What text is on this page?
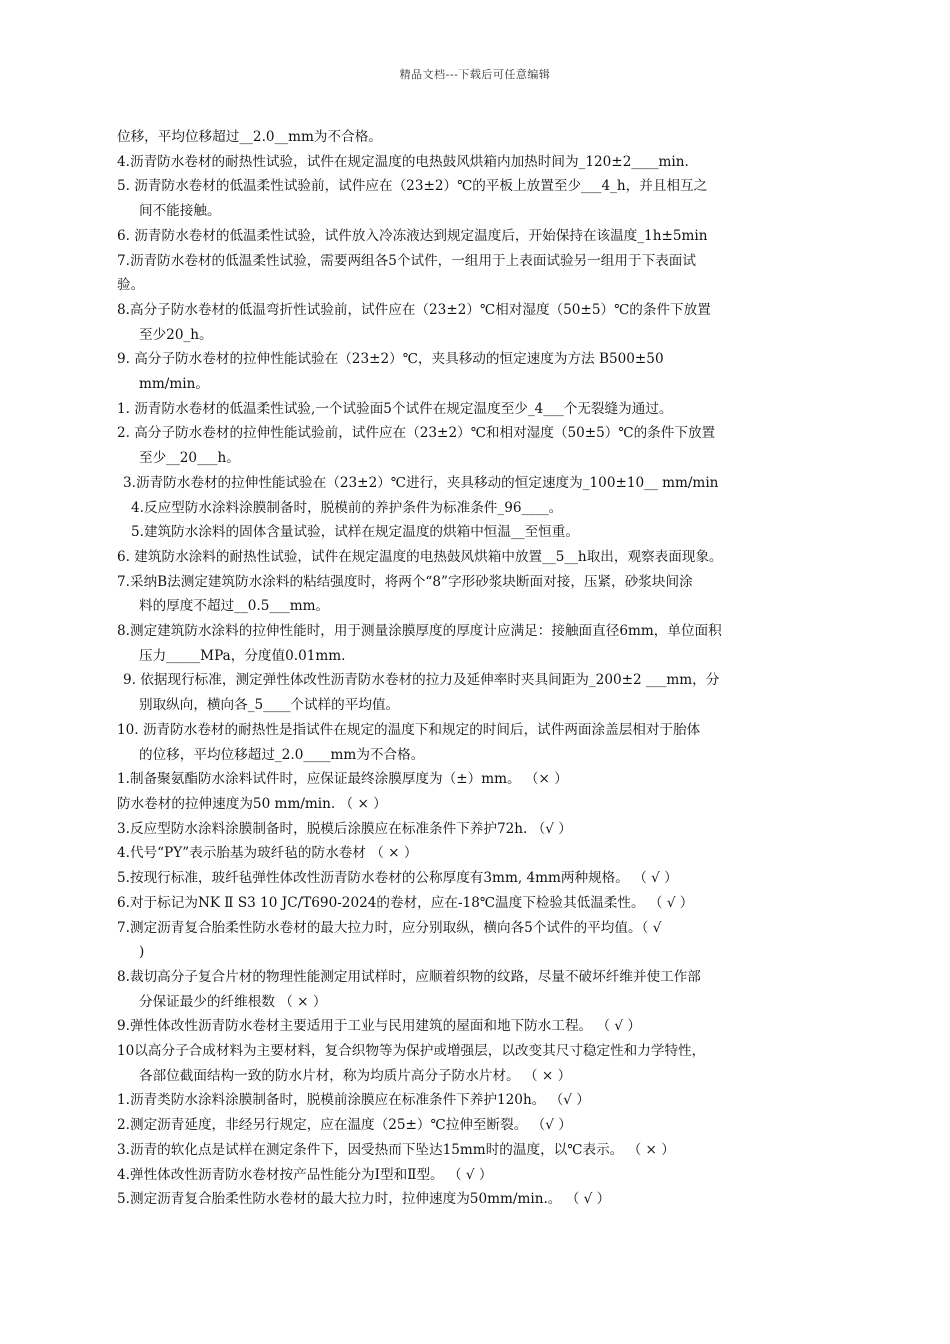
精品文档---下载后可任意编辑
位移，平均位移超过__2.0__mm为不合格。
4.沥青防水卷材的耐热性试验，试件在规定温度的电热鼓风烘箱内加热时间为_120±2____min.
5. 沥青防水卷材的低温柔性试验前，试件应在（23±2）℃的平板上放置至少___4_h，并且相互之
间不能接触。
6. 沥青防水卷材的低温柔性试验，试件放入冷冻液达到规定温度后，开始保持在该温度_1h±5min
7.沥青防水卷材的低温柔性试验，需要两组各5个试件，一组用于上表面试验另一组用于下表面试
验。
8.高分子防水卷材的低温弯折性试验前，试件应在（23±2）℃相对湿度（50±5）℃的条件下放置
至少20_h。
9. 高分子防水卷材的拉伸性能试验在（23±2）℃，夹具移动的恒定速度为方法 B500±50
mm/min。
1. 沥青防水卷材的低温柔性试验,一个试验面5个试件在规定温度至少_4___个无裂缝为通过。
2. 高分子防水卷材的拉伸性能试验前，试件应在（23±2）℃和相对湿度（50±5）℃的条件下放置
至少__20___h。
3.沥青防水卷材的拉伸性能试验在（23±2）℃进行，夹具移动的恒定速度为_100±10__ mm/min
4.反应型防水涂料涂膜制备时，脱模前的养护条件为标准条件_96____。
5.建筑防水涂料的固体含量试验，试样在规定温度的烘箱中恒温__至恒重。
6. 建筑防水涂料的耐热性试验，试件在规定温度的电热鼓风烘箱中放置__5__h取出，观察表面现象。
7.采纳B法测定建筑防水涂料的粘结强度时，将两个“8”字形砂浆块断面对接，压紧，砂浆块间涂
料的厚度不超过__0.5___mm。
8.测定建筑防水涂料的拉伸性能时，用于测量涂膜厚度的厚度计应满足：接触面直径6mm，单位面积
压力_____MPa，分度值0.01mm.
9. 依据现行标准，测定弹性体改性沥青防水卷材的拉力及延伸率时夹具间距为_200±2 ___mm，分
别取纵向，横向各_5____个试样的平均值。
10. 沥青防水卷材的耐热性是指试件在规定的温度下和规定的时间后，试件两面涂盖层相对于胎体
的位移，平均位移超过_2.0____mm为不合格。
1.制备聚氨酯防水涂料试件时，应保证最终涂膜厚度为（±）mm。 （× ）
防水卷材的拉伸速度为50 mm/min. （ × ）
3.反应型防水涂料涂膜制备时，脱模后涂膜应在标准条件下养护72h. （√ ）
4.代号“PY”表示胎基为玻纤毡的防水卷材 （ × ）
5.按现行标准，玻纤毡弹性体改性沥青防水卷材的公称厚度有3mm, 4mm两种规格。 （ √ ）
6.对于标记为NK Ⅱ S3 10 JC/T690-2024的卷材，应在-18℃温度下检验其低温柔性。 （ √ ）
7.测定沥青复合胎柔性防水卷材的最大拉力时，应分别取纵，横向各5个试件的平均值。（ √
)
8.裁切高分子复合片材的物理性能测定用试样时，应顺着织物的纹路，尽量不破坏纤维并使工作部
分保证最少的纤维根数 （ × ）
9.弹性体改性沥青防水卷材主要适用于工业与民用建筑的屋面和地下防水工程。 （ √ ）
10以高分子合成材料为主要材料，复合织物等为保护或增强层，以改变其尺寸稳定性和力学特性，
各部位截面结构一致的防水片材，称为均质片高分子防水片材。 （ × ）
1.沥青类防水涂料涂膜制备时，脱模前涂膜应在标准条件下养护120h。 （√ ）
2.测定沥青延度，非经另行规定，应在温度（25±）℃拉伸至断裂。 （√ ）
3.沥青的软化点是试样在测定条件下，因受热而下坠达15mm时的温度，以℃表示。 （ × ）
4.弹性体改性沥青防水卷材按产品性能分为Ⅰ型和Ⅱ型。 （ √ ）
5.测定沥青复合胎柔性防水卷材的最大拉力时，拉伸速度为50mm/min.。 （ √ ）
